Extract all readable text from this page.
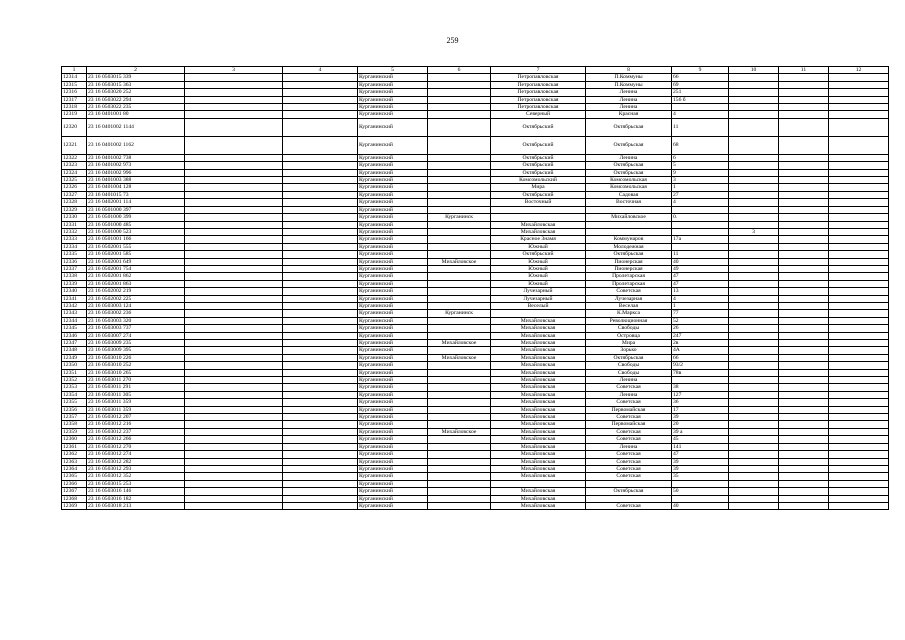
259
1	2	3	4	5	6	7	8	9	10	11	12
12314	23 16 0503015 339			Курганинский		Петропавловская	П.Коммуны	66			
12315	23 16 0503015 363			Курганинский		Петропавловская	П.Коммуны	69			
12316	23 16 0503020 252			Курганинский		Петропавловская	Ленина	251			
12317	23 16 0503022 294			Курганинский		Петропавловская	Ленина	156 б			
12318	23 16 0503022 235			Курганинский		Петропавловская	Ленина				
12319	23 16 0401001 80			Курганинский		Северный	Красная	4			
12320	23 16 0401002 1144			Курганинский		Октябрьский	Октябрьская	11			
12321	23 16 0401002 1162			Курганинский		Октябрьский	Октябрьская	68			
12322	23 16 0401002 738			Курганинский		Октябрьский	Ленина	6			
12323	23 16 0401002 973			Курганинский		Октябрьский	Октябрьская	5			
12324	23 16 0401002 996			Курганинский		Октябрьский	Октябрьская	9			
12325	23 16 0401003 388			Курганинский		Комсомольский	Комсомольская	3			
12326	23 16 0401004 128			Курганинский		Мира	Комсомольская	1			
12327	23 16 0401015 73			Курганинский		Октябрьский	Садовая	27			
12328	23 16 0402001 114			Курганинский		Восточный	Восточная	4			
12329	23 16 0501000 397			Курганинский							
12330	23 16 0501000 399			Курганинский	Курганинск		Михайловское	0.			
12331	23 16 0501000 485			Курганинский		Михайловская					
12332	23 16 0501000 523			Курганинский		Михайловская			3		
12333	23 16 0501001 166			Курганинский		Красное Знамя	Коммунаров	17а			
12334	23 16 0502001 555			Курганинский		Южный	Молодежная				
12335	23 16 0502001 585			Курганинский		Октябрьский	Октябрьская	11			
12336	23 16 0502001 649			Курганинский	Михайловское	Южный	Пионерская	40			
12337	23 16 0502001 754			Курганинский		Южный	Пионерская	49			
12338	23 16 0502001 862			Курганинский		Южный	Пролетарская	47			
12339	23 16 0502001 863			Курганинский		Южный	Пролетарская	47			
12340	23 16 0502002 219			Курганинский		Лучезарный	Советская	13			
12341	23 16 0502002 225			Курганинский		Лучезарный	Лучезарная	4			
12342	23 16 0503003 124			Курганинский		Веселый	Веселая	1			
12343	23 16 0503002 236			Курганинский	Курганинск		К.Маркса	77			
12344	23 16 0503003 320			Курганинский		Михайловская	Революционная	52			
12345	23 16 0503003 737			Курганинский		Михайловская	Свободы	26			
12346	23 16 0503007 274			Курганинский		Михайловская	Островца	247			
12347	23 16 0503009 235			Курганинский	Михайловское	Михайловская	Мира	2в			
12348	23 16 0503009 395			Курганинский		Михайловская	Зорько	4А			
12349	23 16 0503010 226			Курганинский	Михайловское	Михайловская	Октябрьская	66			
12350	23 16 0503010 252			Курганинский		Михайловская	Свободы	93/2			
12351	23 16 0503010 265			Курганинский		Михайловская	Свободы	78в			
12352	23 16 0503011 270			Курганинский		Михайловская	Ленина				
12353	23 16 0503011 291			Курганинский		Михайловская	Советская	38			
12354	23 16 0503011 305			Курганинский		Михайловская	Ленина	127			
12355	23 16 0503011 359			Курганинский		Михайловская	Советская	36			
12356	23 16 0503011 359			Курганинский		Михайловская	Первомайская	17			
12357	23 16 0503012 207			Курганинский		Михайловская	Советская	39			
12358	23 16 0503012 216			Курганинский		Михайловская	Первомайская	20			
12359	23 16 0503012 237			Курганинский	Михайловское	Михайловская	Советская	39 а			
12360	23 16 0503012 266			Курганинский		Михайловская	Советская	45			
12361	23 16 0503012 270			Курганинский		Михайловская	Ленина	141			
12362	23 16 0503012 274			Курганинский		Михайловская	Советская	47			
12363	23 16 0503012 282			Курганинский		Михайловская	Советская	39			
12364	23 16 0503012 293			Курганинский		Михайловская	Советская	39			
12365	23 16 0503012 352			Курганинский		Михайловская	Советская	35			
12366	23 16 0503015 253			Курганинский							
12367	23 16 0503016 146			Курганинский		Михайловская	Октябрьская	50			
12368	23 16 0503016 182			Курганинский		Михайловская					
12369	23 16 0503018 213			Курганинский		Михайловская	Советская	40			
